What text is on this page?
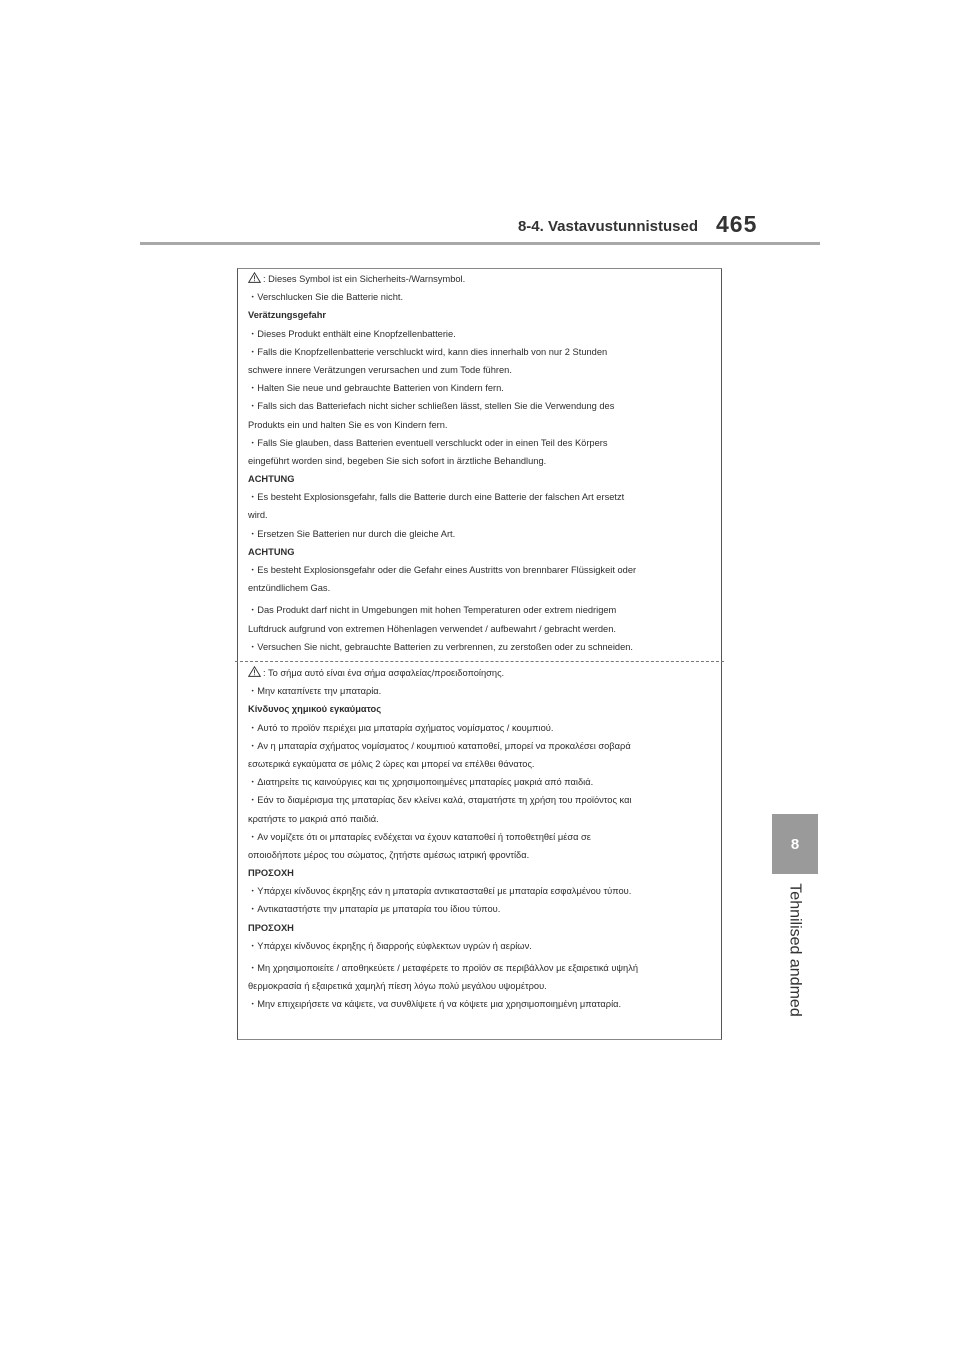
8-4. Vastavustunnistused 465
8
Tehnilised andmed

: Dieses Symbol ist ein Sicherheits-/Warnsymbol.

・Verschlucken Sie die Batterie nicht.

Verätzungsgefahr

・Dieses Produkt enthält eine Knopfzellenbatterie.

・Falls die Knopfzellenbatterie verschluckt wird, kann dies innerhalb von nur 2 Stunden

schwere innere Verätzungen verursachen und zum Tode führen.

・Halten Sie neue und gebrauchte Batterien von Kindern fern.

・Falls sich das Batteriefach nicht sicher schließen lässt, stellen Sie die Verwendung des

Produkts ein und halten Sie es von Kindern fern.

・Falls Sie glauben, dass Batterien eventuell verschluckt oder in einen Teil des Körpers

eingeführt worden sind, begeben Sie sich sofort in ärztliche Behandlung.

ACHTUNG

・Es besteht Explosionsgefahr, falls die Batterie durch eine Batterie der falschen Art ersetzt

wird.

・Ersetzen Sie Batterien nur durch die gleiche Art.

ACHTUNG

・Es besteht Explosionsgefahr oder die Gefahr eines Austritts von brennbarer Flüssigkeit oder

entzündlichem Gas.

・Das Produkt darf nicht in Umgebungen mit hohen Temperaturen oder extrem niedrigem

Luftdruck aufgrund von extremen Höhenlagen verwendet / aufbewahrt / gebracht werden.

・Versuchen Sie nicht, gebrauchte Batterien zu verbrennen, zu zerstoßen oder zu schneiden.

: Το σήμα αυτό είναι ένα σήμα ασφαλείας/προειδοποίησης.

・Μην καταπίνετε την μπαταρία.

Κίνδυνος χημικού εγκαύματος

・Αυτό το προϊόν περιέχει μια μπαταρία σχήματος νομίσματος / κουμπιού.

・Αν η μπαταρία σχήματος νομίσματος / κουμπιού καταποθεί, μπορεί να προκαλέσει σοβαρά

εσωτερικά εγκαύματα σε μόλις 2 ώρες και μπορεί να επέλθει θάνατος.

・Διατηρείτε τις καινούργιες και τις χρησιμοποιημένες μπαταρίες μακριά από παιδιά.

・Εάν το διαμέρισμα της μπαταρίας δεν κλείνει καλά, σταματήστε τη χρήση του προϊόντος και

κρατήστε το μακριά από παιδιά.

・Αν νομίζετε ότι οι μπαταρίες ενδέχεται να έχουν καταποθεί ή τοποθετηθεί μέσα σε

οποιοδήποτε μέρος του σώματος, ζητήστε αμέσως ιατρική φροντίδα.

ΠΡΟΣΟΧΗ

・Υπάρχει κίνδυνος έκρηξης εάν η μπαταρία αντικατασταθεί με μπαταρία εσφαλμένου τύπου.

・Αντικαταστήστε την μπαταρία με μπαταρία του ίδιου τύπου.

ΠΡΟΣΟΧΗ

・Υπάρχει κίνδυνος έκρηξης ή διαρροής εύφλεκτων υγρών ή αερίων.

・Μη χρησιμοποιείτε / αποθηκεύετε / μεταφέρετε το προϊόν σε περιβάλλον με εξαιρετικά υψηλή

θερμοκρασία ή εξαιρετικά χαμηλή πίεση λόγω πολύ μεγάλου υψομέτρου.

・Μην επιχειρήσετε να κάψετε, να συνθλίψετε ή να κόψετε μια χρησιμοποιημένη μπαταρία.
